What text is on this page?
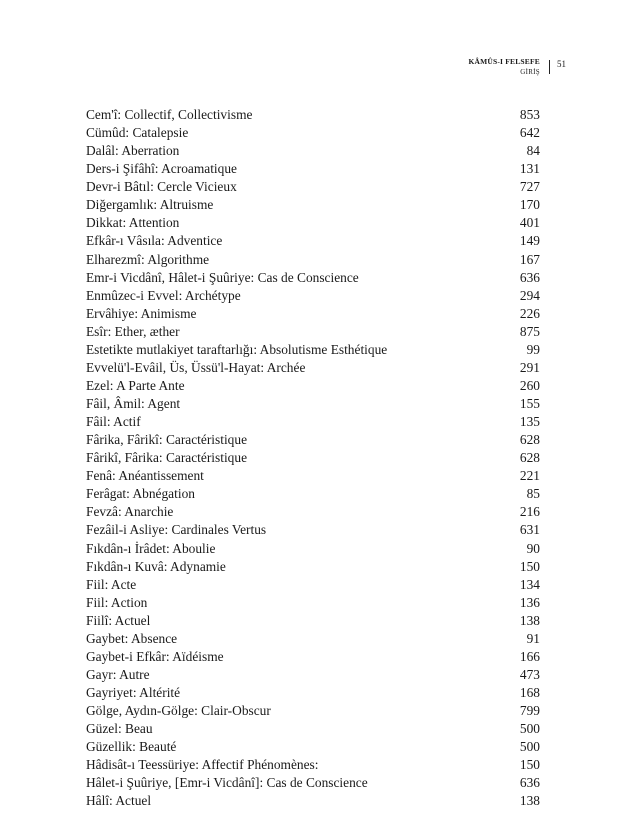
KÂMÛS-I FELSEFE
GİRİŞ
51
Cem'î: Collectif, Collectivisme	853
Cümûd: Catalepsie	642
Dalâl: Aberration	84
Ders-i Şifâhî: Acroamatique	131
Devr-i Bâtıl: Cercle Vicieux	727
Diğergamlık: Altruisme	170
Dikkat: Attention	401
Efkâr-ı Vâsıla: Adventice	149
Elharezmî: Algorithme	167
Emr-i Vicdânî, Hâlet-i Şuûriye: Cas de Conscience	636
Enmûzec-i Evvel: Archétype	294
Ervâhiye: Animisme	226
Esîr: Ether, æther	875
Estetikte mutlakiyet taraftarlığı: Absolutisme Esthétique	99
Evvelü'l-Evâil, Üs, Üssü'l-Hayat: Archée	291
Ezel: A Parte Ante	260
Fâil, Âmil: Agent	155
Fâil: Actif	135
Fârika, Fârikî: Caractéristique	628
Fârikî, Fârika: Caractéristique	628
Fenâ: Anéantissement	221
Ferâgat: Abnégation	85
Fevzâ: Anarchie	216
Fezâil-i Asliye: Cardinales Vertus	631
Fıkdân-ı İrâdet: Aboulie	90
Fıkdân-ı Kuvâ: Adynamie	150
Fiil: Acte	134
Fiil: Action	136
Fiilî: Actuel	138
Gaybet: Absence	91
Gaybet-i Efkâr: Aïdéisme	166
Gayr: Autre	473
Gayriyet: Altérité	168
Gölge, Aydın-Gölge: Clair-Obscur	799
Güzel: Beau	500
Güzellik: Beauté	500
Hâdisât-ı Teessüriye: Affectif Phénomènes:	150
Hâlet-i Şuûriye, [Emr-i Vicdânî]: Cas de Conscience	636
Hâlî: Actuel	138
